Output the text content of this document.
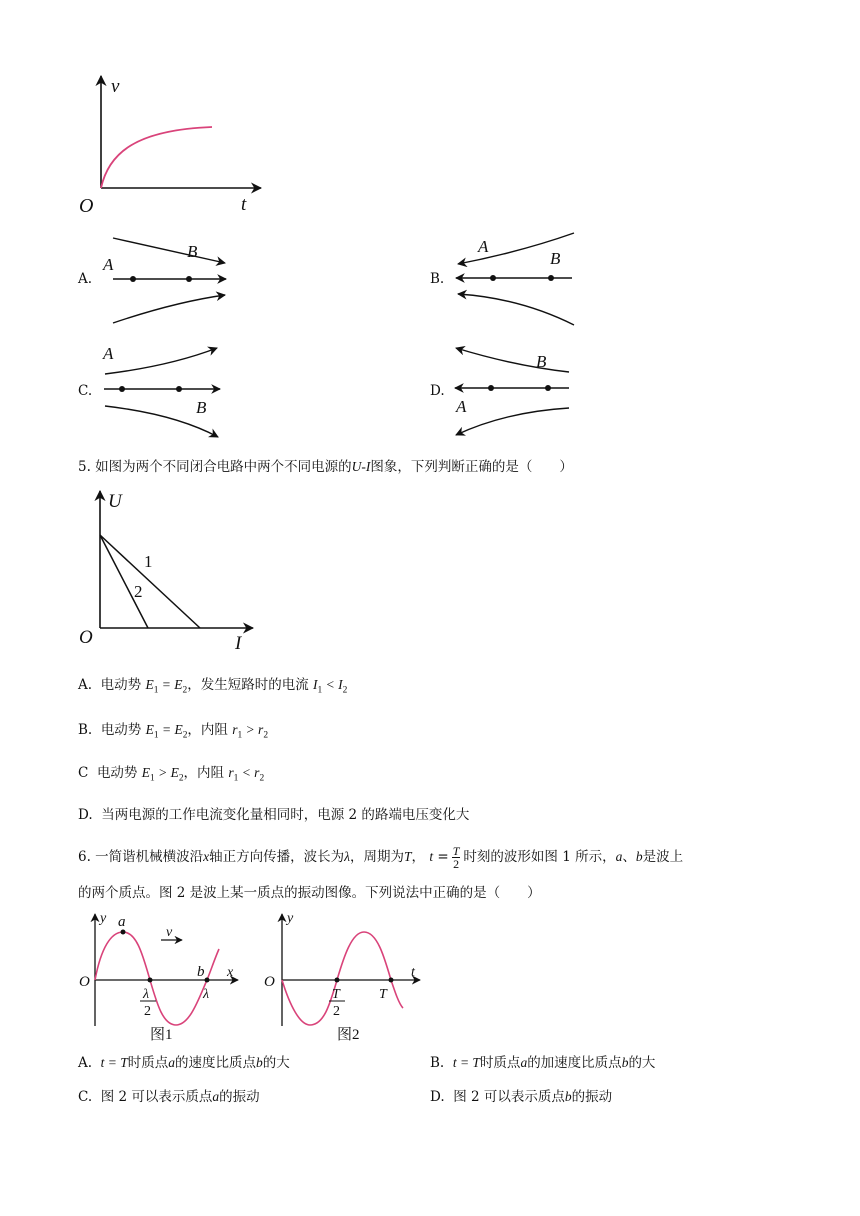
v
t
O
A.
A
B
B.
A
B
C.
A
B
D.
B
A
5. 如图为两个不同闭合电路中两个不同电源的U-I图象，下列判断正确的是（　　）
U
I
O
1
2
A. 电动势 $E_1 = E_2$，发生短路时的电流 $I_1 < I_2$
B. 电动势 $E_1 = E_2$，内阻 $r_1 > r_2$
C 电动势 $E_1 > E_2$，内阻 $r_1 < r_2$
D. 当两电源的工作电流变化量相同时，电源 2 的路端电压变化大
6. 一简谐机械横波沿x轴正方向传播，波长为λ，周期为T， $t = \frac{T}{2}$ 时刻的波形如图 1 所示，a、b是波上
的两个质点。图 2 是波上某一质点的振动图像。下列说法中正确的是（　　）
y
x
O
a
b
v
λ
2
λ
图1
y
t
O
T
2
T
图2
A. t = T时质点a的速度比质点b的大	B. t = T时质点a的加速度比质点b的大
C. 图 2 可以表示质点a的振动	D. 图 2 可以表示质点b的振动
